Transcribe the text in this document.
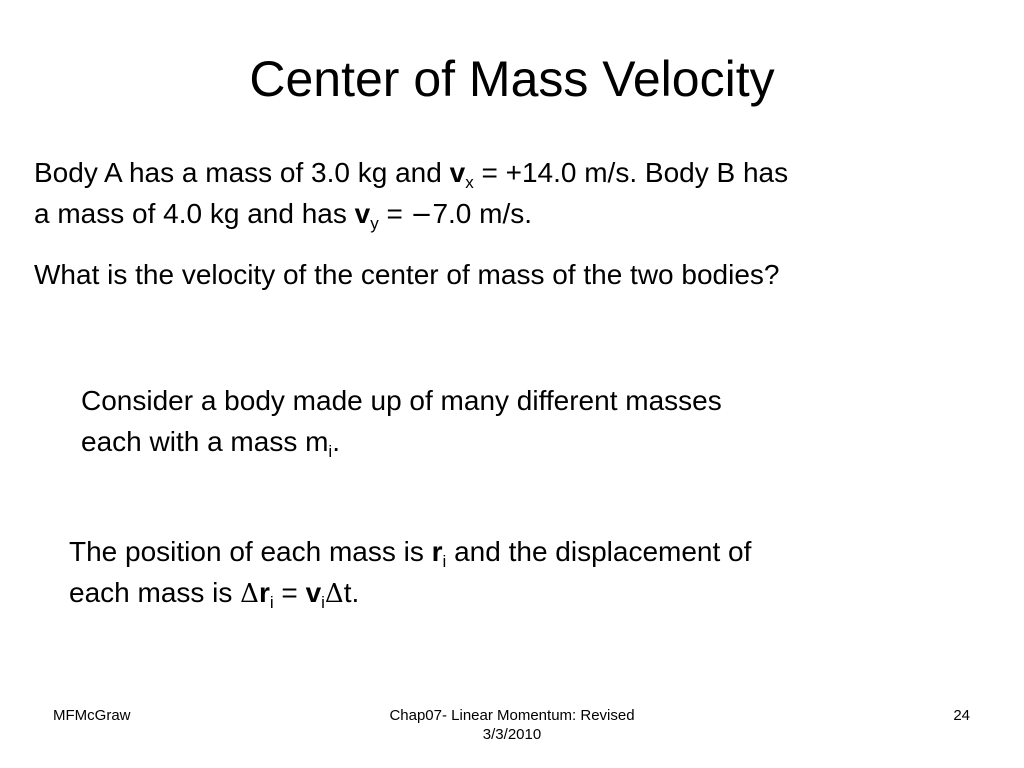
Center of Mass Velocity

Body A has a mass of 3.0 kg and $v_x = +14.0$ m/s. Body B has
a mass of 4.0 kg and has $v_y = -7.0$ m/s.

What is the velocity of the center of mass of the two bodies?

Consider a body made up of many different masses
each with a mass $m_i$.

The position of each mass is $r_i$ and the displacement of
each mass is $\Delta r_i = v_i\Delta t$.

MFMcGraw	Chap07- Linear Momentum: Revised
3/3/2010
24
